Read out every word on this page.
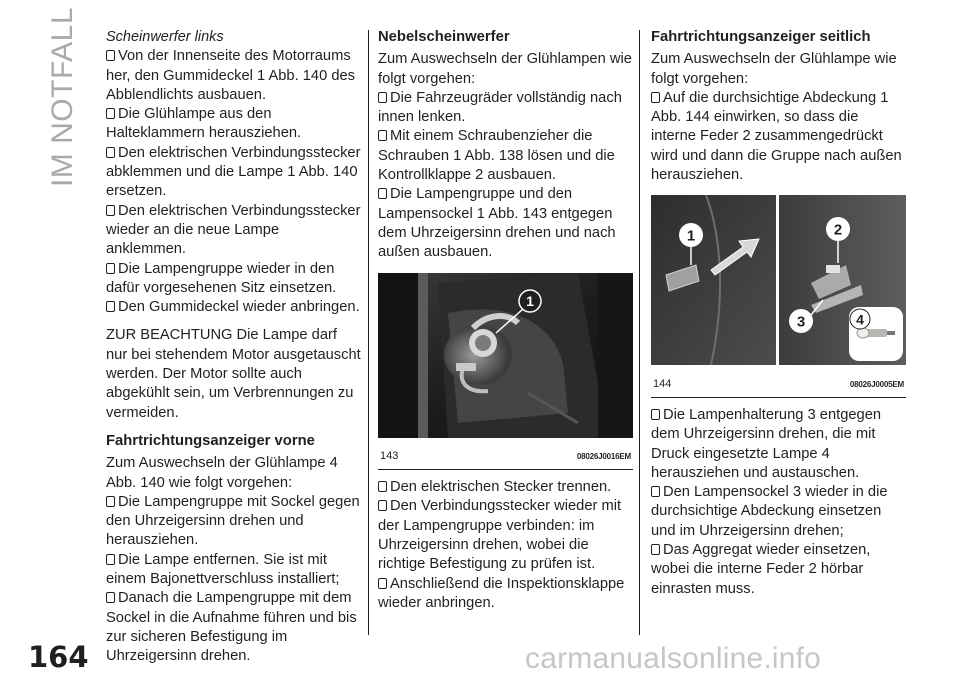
IM NOTFALL Scheinwerfer links

Von der Innenseite des Motorraums her, den Gummideckel 1 Abb. 140 des Abblendlichts ausbauen.

Die Glühlampe aus den Halteklammern herausziehen.

Den elektrischen Verbindungsstecker abklemmen und die Lampe 1 Abb. 140 ersetzen.

Den elektrischen Verbindungsstecker wieder an die neue Lampe anklemmen.

Die Lampengruppe wieder in den dafür vorgesehenen Sitz einsetzen.

Den Gummideckel wieder anbringen.

ZUR BEACHTUNG Die Lampe darf nur bei stehendem Motor ausgetauscht werden. Der Motor sollte auch abgekühlt sein, um Verbrennungen zu vermeiden.

Fahrtrichtungsanzeiger vorne

Zum Auswechseln der Glühlampe 4 Abb. 140 wie folgt vorgehen:

Die Lampengruppe mit Sockel gegen den Uhrzeigersinn drehen und herausziehen.

Die Lampe entfernen. Sie ist mit einem Bajonettverschluss installiert;

Danach die Lampengruppe mit dem Sockel in die Aufnahme führen und bis zur sicheren Befestigung im Uhrzeigersinn drehen.

Nebelscheinwerfer

Zum Auswechseln der Glühlampen wie folgt vorgehen:

Die Fahrzeugräder vollständig nach innen lenken.

Mit einem Schraubenzieher die Schrauben 1 Abb. 138 lösen und die Kontrollklappe 2 ausbauen.

Die Lampengruppe und den Lampensockel 1 Abb. 143 entgegen dem Uhrzeigersinn drehen und nach außen ausbauen.

1
143	08026J0016EM

Den elektrischen Stecker trennen.

Den Verbindungsstecker wieder mit der Lampengruppe verbinden: im Uhrzeigersinn drehen, wobei die richtige Befestigung zu prüfen ist.

Anschließend die Inspektionsklappe wieder anbringen.

Fahrtrichtungsanzeiger seitlich

Zum Auswechseln der Glühlampe wie folgt vorgehen:

Auf die durchsichtige Abdeckung 1 Abb. 144 einwirken, so dass die interne Feder 2 zusammengedrückt wird und dann die Gruppe nach außen herausziehen.

1	2
3	4
144	08026J0005EM

Die Lampenhalterung 3 entgegen dem Uhrzeigersinn drehen, die mit Druck eingesetzte Lampe 4 herausziehen und austauschen.

Den Lampensockel 3 wieder in die durchsichtige Abdeckung einsetzen und im Uhrzeigersinn drehen;

Das Aggregat wieder einsetzen, wobei die interne Feder 2 hörbar einrasten muss.

164	carmanualsonline.info
